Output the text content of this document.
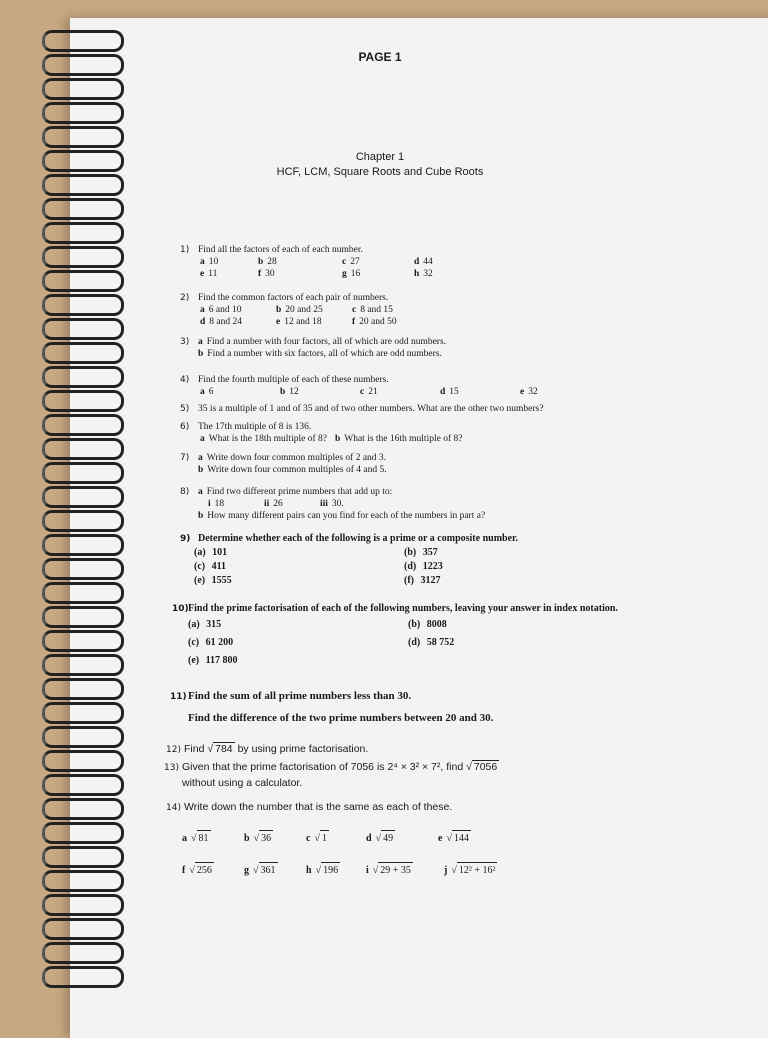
PAGE 1
Chapter 1
HCF, LCM, Square Roots and Cube Roots
1) Find all the factors of each of each number.
a 10	b 28	c 27	d 44
e 11	f 30	g 16	h 32
2) Find the common factors of each pair of numbers.
a 6 and 10	b 20 and 25	c 8 and 15
d 8 and 24	e 12 and 18	f 20 and 50
3) a Find a number with four factors, all of which are odd numbers.
b Find a number with six factors, all of which are odd numbers.
4) Find the fourth multiple of each of these numbers.
a 6	b 12	c 21	d 15	e 32
5) 35 is a multiple of 1 and of 35 and of two other numbers. What are the other two numbers?
6) The 17th multiple of 8 is 136.
a What is the 18th multiple of 8? b What is the 16th multiple of 8?
7) a Write down four common multiples of 2 and 3.
b Write down four common multiples of 4 and 5.
8) a Find two different prime numbers that add up to:
i 18	ii 26	iii 30.
b How many different pairs can you find for each of the numbers in part a?
9) Determine whether each of the following is a prime or a composite number.
(a) 101	(b) 357
(c) 411	(d) 1223
(e) 1555	(f) 3127
10)Find the prime factorisation of each of the following numbers, leaving your answer in index notation.
(a) 315	(b) 8008
(c) 61 200	(d) 58 752
(e) 117 800
11)Find the sum of all prime numbers less than 30.
Find the difference of the two prime numbers between 20 and 30.
12) Find √ 784 by using prime factorisation.
13) Given that the prime factorisation of 7056 is 2⁴ × 3² × 7², find √ 7056
without using a calculator.
14) Write down the number that is the same as each of these.
a √ 81	b √ 36	c √ 1	d √ 49	e √ 144
f √ 256	g √ 361	h √ 196	i √ 29 + 35	j √ 12² + 16²
